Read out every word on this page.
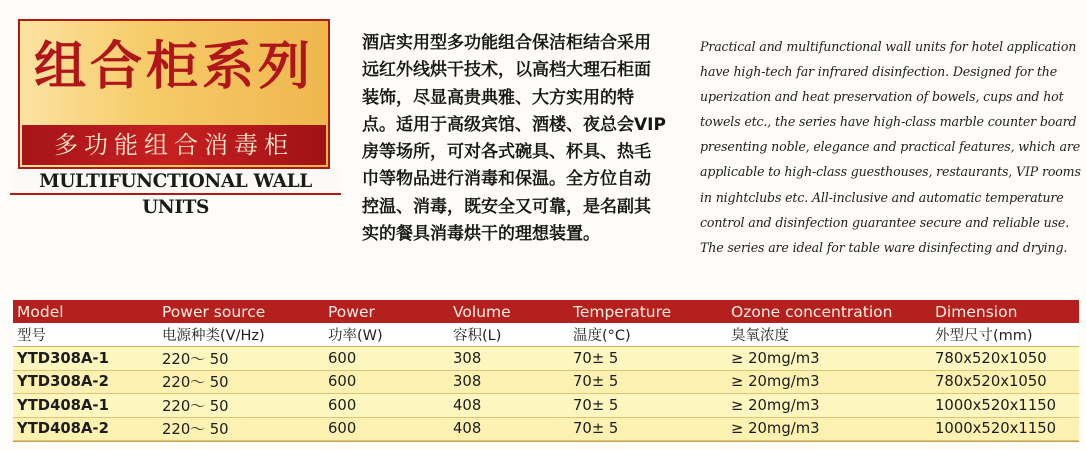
组合柜系列
多功能组合消毒柜
MULTIFUNCTIONAL WALL UNITS
酒店实用型多功能组合保洁柜结合采用
远红外线烘干技术，以高档大理石柜面
装饰，尽显高贵典雅、大方实用的特
点。适用于高级宾馆、酒楼、夜总会VIP
房等场所，可对各式碗具、杯具、热毛
巾等物品进行消毒和保温。全方位自动
控温、消毒，既安全又可靠，是名副其
实的餐具消毒烘干的理想装置。
Practical and multifunctional wall units for hotel application
have high-tech far infrared disinfection. Designed for the
uperization and heat preservation of bowels, cups and hot
towels etc., the series have high-class marble counter board
presenting noble, elegance and practical features, which are
applicable to high-class guesthouses, restaurants, VIP rooms
in nightclubs etc. All-inclusive and automatic temperature
control and disinfection guarantee secure and reliable use.
The series are ideal for table ware disinfecting and drying.
Model	Power source	Power	Volume	Temperature	Ozone concentration	Dimension
型号	电源种类(V/Hz)	功率(W)	容积(L)	温度(°C)	臭氧浓度	外型尺寸(mm)
YTD308A-1	220～ 50	600	308	70± 5	≥ 20mg/m3	780x520x1050
YTD308A-2	220～ 50	600	308	70± 5	≥ 20mg/m3	780x520x1050
YTD408A-1	220～ 50	600	408	70± 5	≥ 20mg/m3	1000x520x1150
YTD408A-2	220～ 50	600	408	70± 5	≥ 20mg/m3	1000x520x1150
